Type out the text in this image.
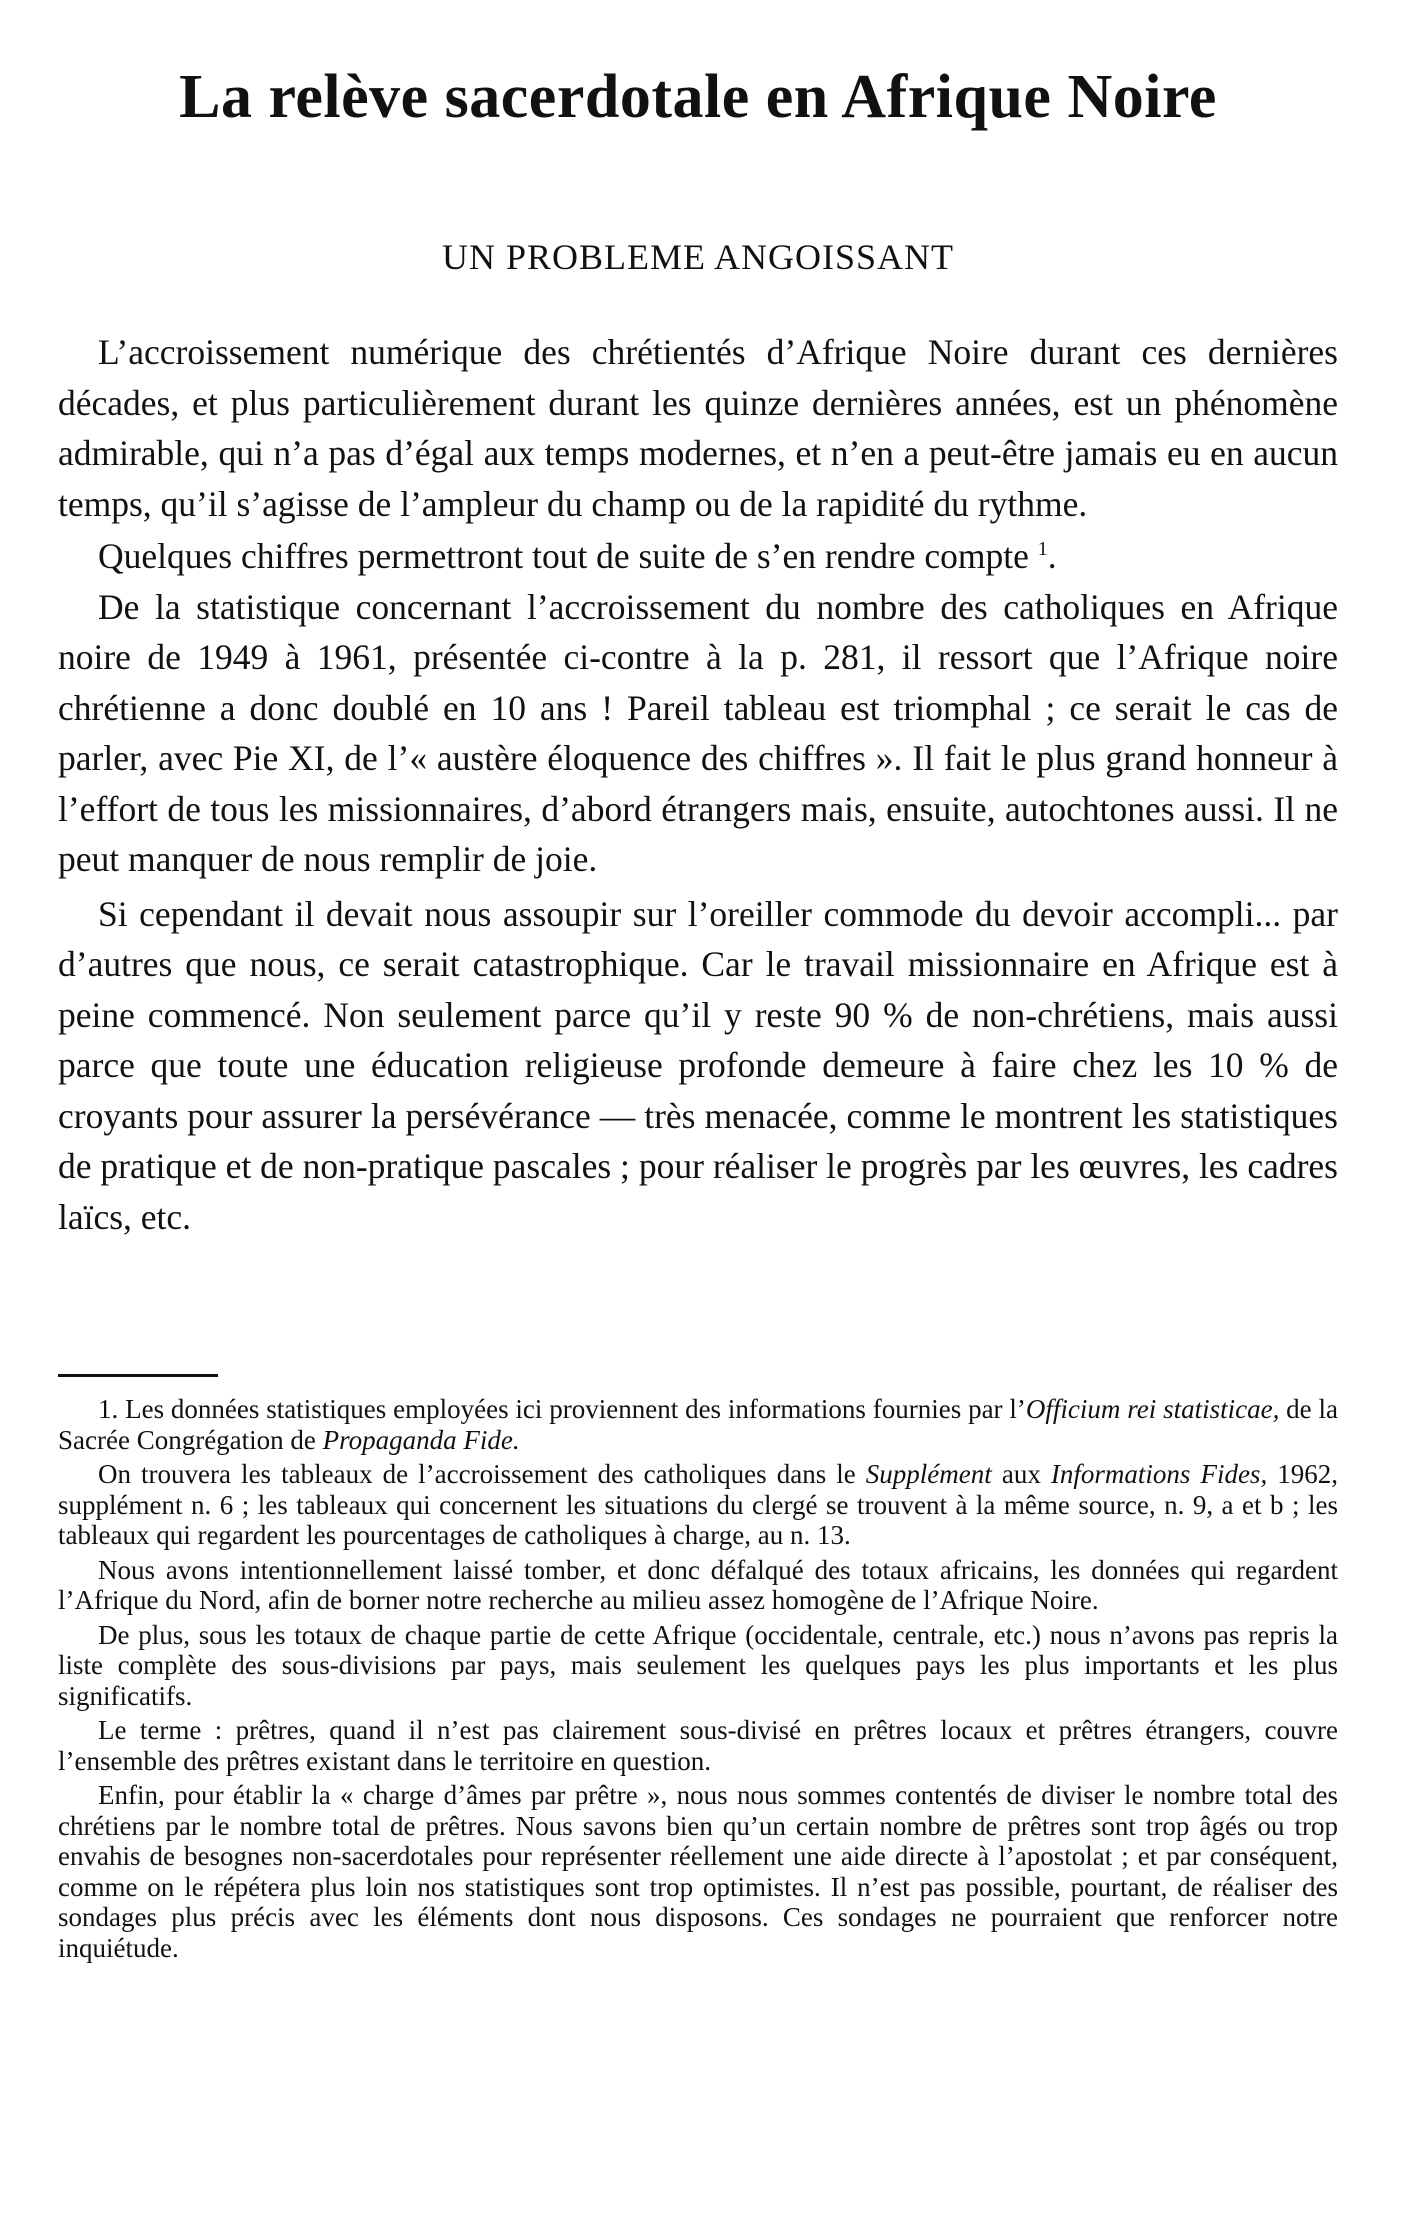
La relève sacerdotale en Afrique Noire
UN PROBLEME ANGOISSANT

L’accroissement numérique des chrétientés d’Afrique Noire durant ces dernières décades, et plus particulièrement durant les quinze dernières années, est un phénomène admirable, qui n’a pas d’égal aux temps modernes, et n’en a peut-être jamais eu en aucun temps, qu’il s’agisse de l’ampleur du champ ou de la rapidité du rythme.

Quelques chiffres permettront tout de suite de s’en rendre compte $^1$.

De la statistique concernant l’accroissement du nombre des catholiques en Afrique noire de 1949 à 1961, présentée ci-contre à la p. 281, il ressort que l’Afrique noire chrétienne a donc doublé en 10 ans ! Pareil tableau est triomphal ; ce serait le cas de parler, avec Pie XI, de l’« austère éloquence des chiffres ». Il fait le plus grand honneur à l’effort de tous les missionnaires, d’abord étrangers mais, ensuite, autochtones aussi. Il ne peut manquer de nous remplir de joie.

Si cependant il devait nous assoupir sur l’oreiller commode du devoir accompli... par d’autres que nous, ce serait catastrophique. Car le travail missionnaire en Afrique est à peine commencé. Non seulement parce qu’il y reste 90 % de non-chrétiens, mais aussi parce que toute une éducation religieuse profonde demeure à faire chez les 10 % de croyants pour assurer la persévérance — très menacée, comme le montrent les statistiques de pratique et de non-pratique pascales ; pour réaliser le progrès par les œuvres, les cadres laïcs, etc.

1. Les données statistiques employées ici proviennent des informations fournies par l’Officium rei statisticae, de la Sacrée Congrégation de Propaganda Fide.

On trouvera les tableaux de l’accroissement des catholiques dans le Supplément aux Informations Fides, 1962, supplément n. 6 ; les tableaux qui concernent les situations du clergé se trouvent à la même source, n. 9, a et b ; les tableaux qui regardent les pourcentages de catholiques à charge, au n. 13.

Nous avons intentionnellement laissé tomber, et donc défalqué des totaux africains, les données qui regardent l’Afrique du Nord, afin de borner notre recherche au milieu assez homogène de l’Afrique Noire.

De plus, sous les totaux de chaque partie de cette Afrique (occidentale, centrale, etc.) nous n’avons pas repris la liste complète des sous-divisions par pays, mais seulement les quelques pays les plus importants et les plus significatifs.

Le terme : prêtres, quand il n’est pas clairement sous-divisé en prêtres locaux et prêtres étrangers, couvre l’ensemble des prêtres existant dans le territoire en question.

Enfin, pour établir la « charge d’âmes par prêtre », nous nous sommes contentés de diviser le nombre total des chrétiens par le nombre total de prêtres. Nous savons bien qu’un certain nombre de prêtres sont trop âgés ou trop envahis de besognes non-sacerdotales pour représenter réellement une aide directe à l’apostolat ; et par conséquent, comme on le répétera plus loin nos statistiques sont trop optimistes. Il n’est pas possible, pourtant, de réaliser des sondages plus précis avec les éléments dont nous disposons. Ces sondages ne pourraient que renforcer notre inquiétude.
